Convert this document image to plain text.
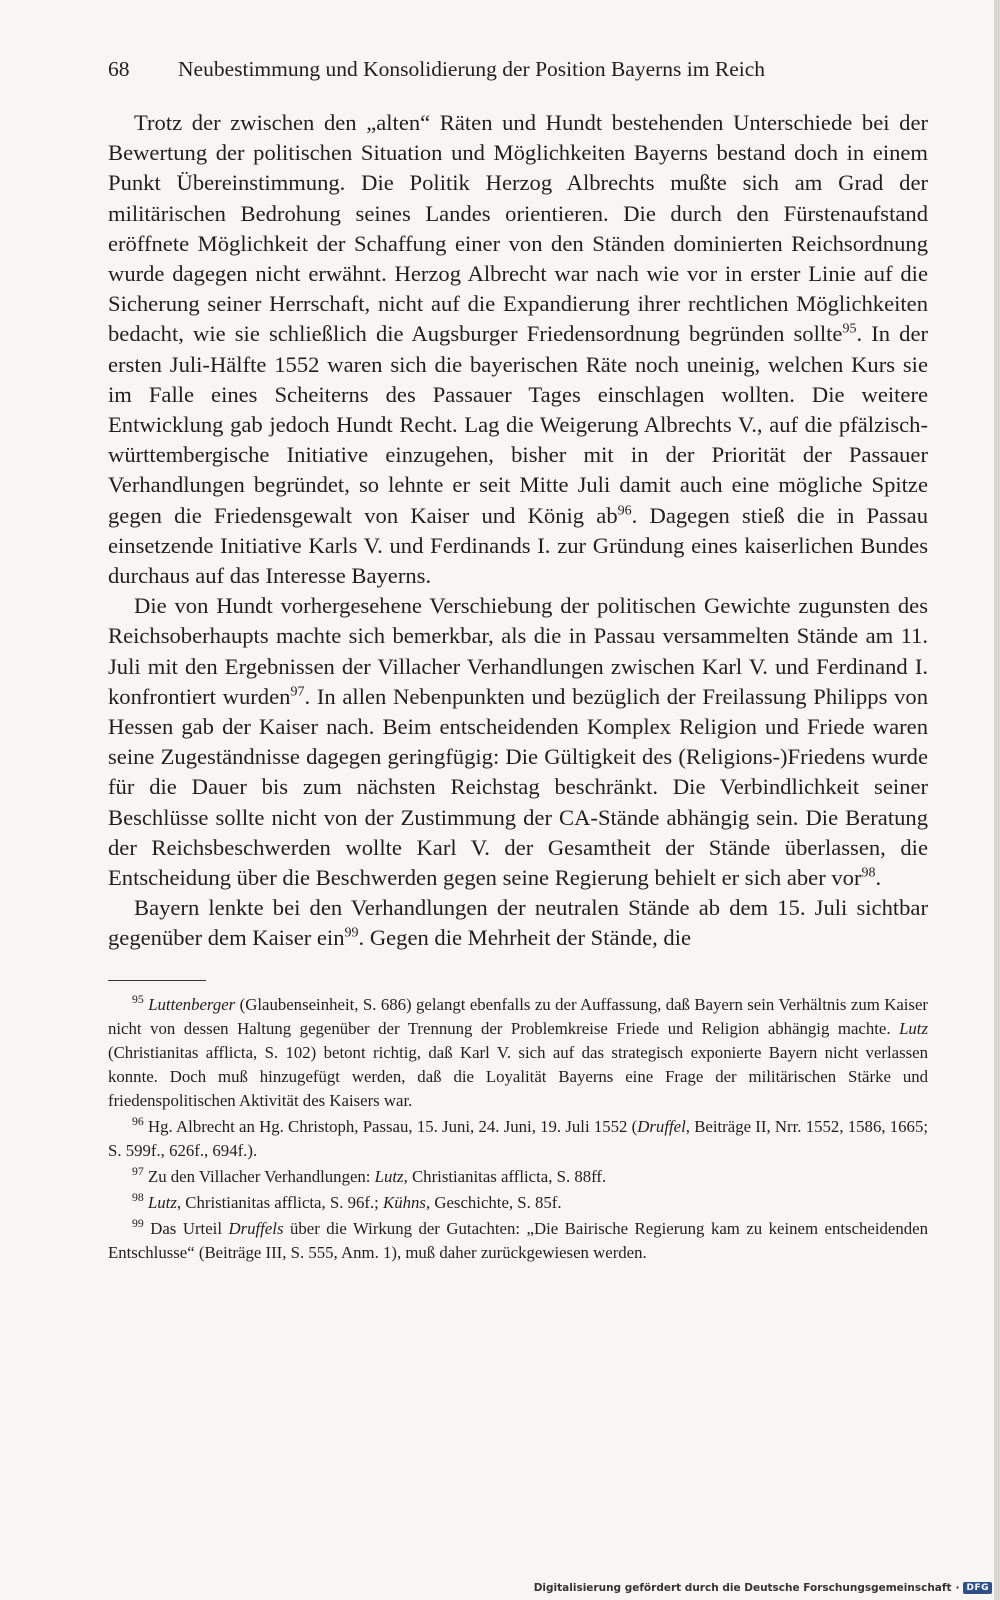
68 Neubestimmung und Konsolidierung der Position Bayerns im Reich

Trotz der zwischen den „alten“ Räten und Hundt bestehenden Unterschiede bei der Bewertung der politischen Situation und Möglichkeiten Bayerns bestand doch in einem Punkt Übereinstimmung. Die Politik Herzog Albrechts mußte sich am Grad der militärischen Bedrohung seines Landes orientieren. Die durch den Fürstenaufstand eröffnete Möglichkeit der Schaffung einer von den Ständen dominierten Reichsordnung wurde dagegen nicht erwähnt. Herzog Albrecht war nach wie vor in erster Linie auf die Sicherung seiner Herrschaft, nicht auf die Expandierung ihrer rechtlichen Möglichkeiten bedacht, wie sie schließlich die Augsburger Friedensordnung begründen sollte$^{95}$. In der ersten Juli-Hälfte 1552 waren sich die bayerischen Räte noch uneinig, welchen Kurs sie im Falle eines Scheiterns des Passauer Tages einschlagen wollten. Die weitere Entwicklung gab jedoch Hundt Recht. Lag die Weigerung Albrechts V., auf die pfälzisch-württembergische Initiative einzugehen, bisher mit in der Priorität der Passauer Verhandlungen begründet, so lehnte er seit Mitte Juli damit auch eine mögliche Spitze gegen die Friedensgewalt von Kaiser und König $ab^{96}$. Dagegen stieß die in Passau einsetzende Initiative Karls V. und Ferdinands I. zur Gründung eines kaiserlichen Bundes durchaus auf das Interesse Bayerns.

Die von Hundt vorhergesehene Verschiebung der politischen Gewichte zugunsten des Reichsoberhaupts machte sich bemerkbar, als die in Passau versammelten Stände am 11. Juli mit den Ergebnissen der Villacher Verhandlungen zwischen Karl V. und Ferdinand I. konfrontiert wurden$^{97}$. In allen Nebenpunkten und bezüglich der Freilassung Philipps von Hessen gab der Kaiser nach. Beim entscheidenden Komplex Religion und Friede waren seine Zugeständnisse dagegen geringfügig: Die Gültigkeit des (Religions-)Friedens wurde für die Dauer bis zum nächsten Reichstag beschränkt. Die Verbindlichkeit seiner Beschlüsse sollte nicht von der Zustimmung der CA-Stände abhängig sein. Die Beratung der Reichsbeschwerden wollte Karl V. der Gesamtheit der Stände überlassen, die Entscheidung über die Beschwerden gegen seine Regierung behielt er sich aber vor$^{98}$.

Bayern lenkte bei den Verhandlungen der neutralen Stände ab dem 15. Juli sichtbar gegenüber dem Kaiser ein$^{99}$. Gegen die Mehrheit der Stände, die

$^{95}$ Luttenberger (Glaubenseinheit, S. 686) gelangt ebenfalls zu der Auffassung, daß Bayern sein Verhältnis zum Kaiser nicht von dessen Haltung gegenüber der Trennung der Problemkreise Friede und Religion abhängig machte. Lutz (Christianitas afflicta, S. 102) betont richtig, daß Karl V. sich auf das strategisch exponierte Bayern nicht verlassen konnte. Doch muß hinzugefügt werden, daß die Loyalität Bayerns eine Frage der militärischen Stärke und friedenspolitischen Aktivität des Kaisers war.

$^{96}$ Hg. Albrecht an Hg. Christoph, Passau, 15. Juni, 24. Juni, 19. Juli 1552 (Druffel, Beiträge II, Nrr. 1552, 1586, 1665; S. 599f., 626f., 694f.).

$^{97}$ Zu den Villacher Verhandlungen: Lutz, Christianitas afflicta, S. 88ff.

$^{98}$ Lutz, Christianitas afflicta, S. 96f.; Kühns, Geschichte, S. 85f.

$^{99}$ Das Urteil Druffels über die Wirkung der Gutachten: „Die Bairische Regierung kam zu keinem entscheidenden Entschlusse“ (Beiträge III, S. 555, Anm. 1), muß daher zurückgewiesen werden.

Digitalisierung gefördert durch die Deutsche Forschungsgemeinschaft · DFG
